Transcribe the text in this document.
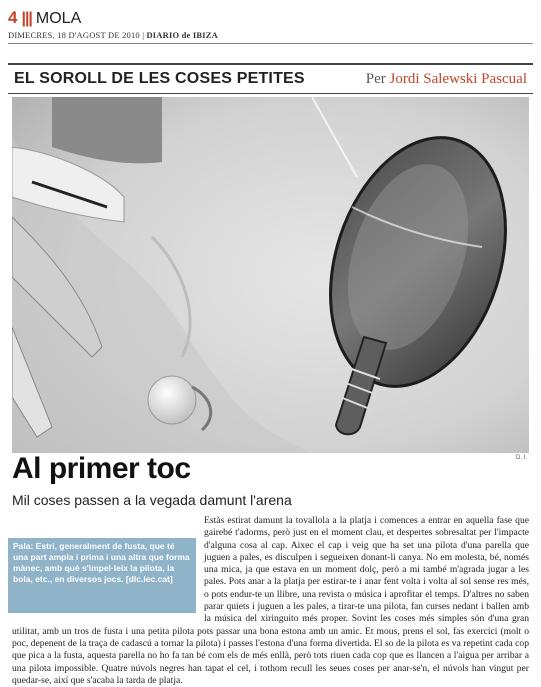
4 ||| MOLA
DIMECRES, 18 D'AGOST DE 2010 | DIARIO de IBIZA
EL SOROLL DE LES COSES PETITES	Per Jordi Salewski Pascual
D. I.
Al primer toc
Mil coses passen a la vegada damunt l'arena
Pala: Estri, generalment de fusta, que té una part ampla i prima i una altra que forma mànec, amb què s'impel·leix la pilota, la bola, etc., en diversos jocs. [dlc.iec.cat]
Estàs estirat damunt la tovallola a la platja i comences a entrar en aquella fase que gairebé t'adorms, però just en el moment clau, et despertes sobresaltat per l'impacte d'alguna cosa al cap. Aixec el cap i veig que ha set una pilota d'una parella que juguen a pales, es disculpen i segueixen donant-li canya. No em molesta, bé, només una mica, ja que estava en un moment dolç, però a mi també m'agrada jugar a les pales. Pots anar a la platja per estirar-te i anar fent volta i volta al sol sense res més, o pots endur-te un llibre, una revista o música i aprofitar el temps. D'altres no saben parar quiets i juguen a les pales, a tirar-te una pilota, fan curses nedant i ballen amb la música del xiringuito més proper. Sovint les coses més simples són d'una gran utilitat, amb un tros de fusta i una petita pilota pots passar una bona estona amb un amic. Et mous, prens el sol, fas exercici (molt o poc, depenent de la traça de cadascú a tornar la pilota) i passes l'estona d'una forma divertida. El so de la pilota es va repetint cada cop que pica a la fusta, aquesta parella no ho fa tan bé com els de més enllà, però tots riuen cada cop que es llancen a l'aigua per arribar a una pilota impossible. Quatre núvols negres han tapat el cel, i tothom recull les seues coses per anar-se'n, el núvols han vingut per quedar-se, així que s'acaba la tarda de platja.
